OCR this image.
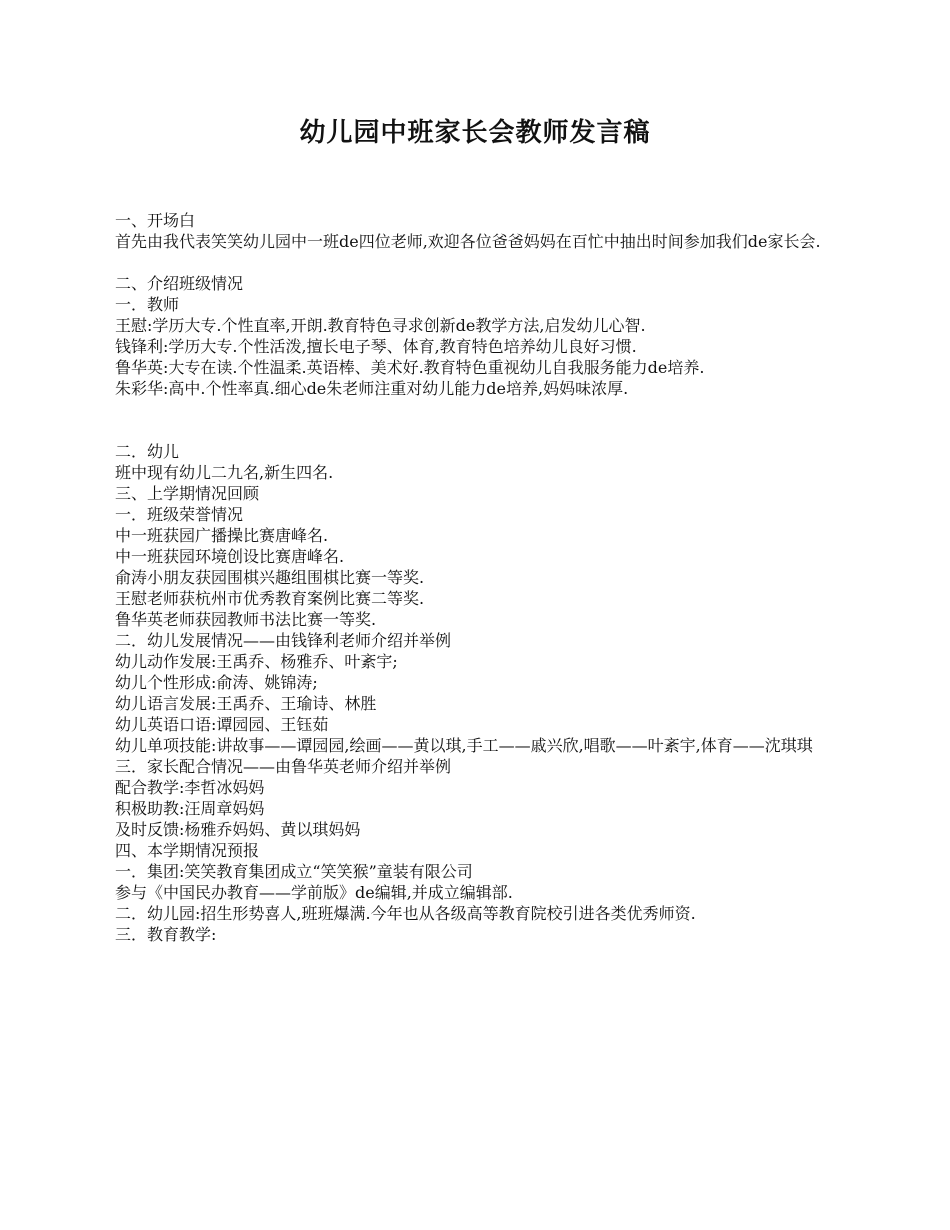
幼儿园中班家长会教师发言稿
一、开场白
首先由我代表笑笑幼儿园中一班de四位老师,欢迎各位爸爸妈妈在百忙中抽出时间参加我们de家长会.
二、介绍班级情况
一．教师
王慰:学历大专.个性直率,开朗.教育特色寻求创新de教学方法,启发幼儿心智.
钱锋利:学历大专.个性活泼,擅长电子琴、体育,教育特色培养幼儿良好习惯.
鲁华英:大专在读.个性温柔.英语棒、美术好.教育特色重视幼儿自我服务能力de培养.
朱彩华:高中.个性率真.细心de朱老师注重对幼儿能力de培养,妈妈味浓厚.
二．幼儿
班中现有幼儿二九名,新生四名.
三、上学期情况回顾
一．班级荣誉情况
中一班获园广播操比赛唐峰名.
中一班获园环境创设比赛唐峰名.
俞涛小朋友获园围棋兴趣组围棋比赛一等奖.
王慰老师获杭州市优秀教育案例比赛二等奖.
鲁华英老师获园教师书法比赛一等奖.
二．幼儿发展情况——由钱锋利老师介绍并举例
幼儿动作发展:王禹乔、杨雅乔、叶紊宇;
幼儿个性形成:俞涛、姚锦涛;
幼儿语言发展:王禹乔、王瑜诗、林胜
幼儿英语口语:谭园园、王钰茹
幼儿单项技能:讲故事——谭园园,绘画——黄以琪,手工——戚兴欣,唱歌——叶紊宇,体育——沈琪琪
三．家长配合情况——由鲁华英老师介绍并举例
配合教学:李哲冰妈妈
积极助教:汪周章妈妈
及时反馈:杨雅乔妈妈、黄以琪妈妈
四、本学期情况预报
一．集团:笑笑教育集团成立“笑笑猴”童装有限公司
参与《中国民办教育——学前版》de编辑,并成立编辑部.
二．幼儿园:招生形势喜人,班班爆满.今年也从各级高等教育院校引进各类优秀师资.
三．教育教学:
